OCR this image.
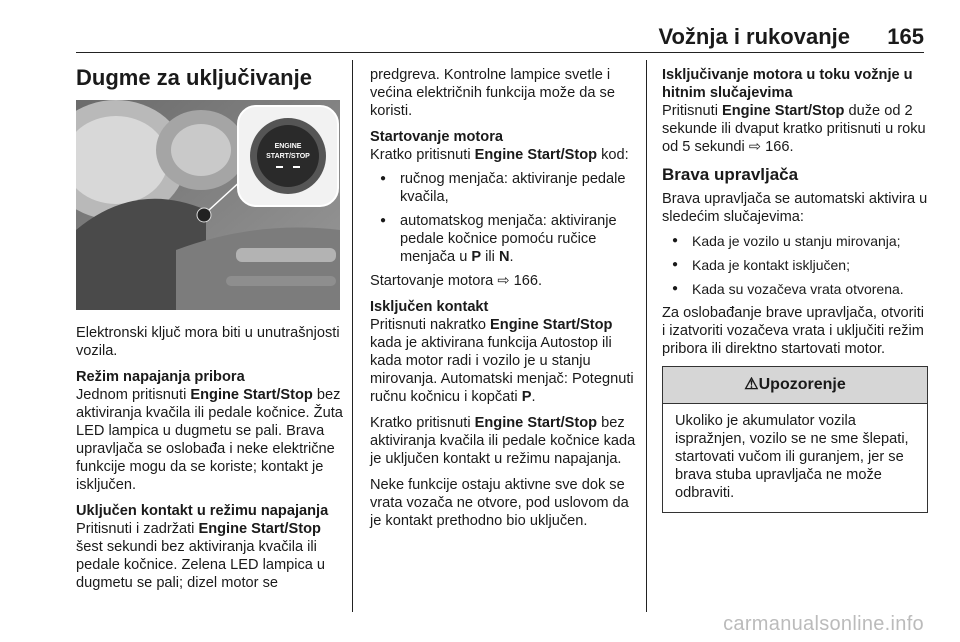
Vožnja i rukovanje 165
Dugme za uključivanje
ENGINE
START/STOP

Elektronski ključ mora biti u unutrašnjosti vozila.

Režim napajanja pribora

Jednom pritisnuti Engine Start/Stop bez aktiviranja kvačila ili pedale kočnice. Žuta LED lampica u dugmetu se pali. Brava upravljača se oslobađa i neke električne funkcije mogu da se koriste; kontakt je isključen.

Uključen kontakt u režimu napajanja

Pritisnuti i zadržati Engine Start/Stop šest sekundi bez aktiviranja kvačila ili pedale kočnice. Zelena LED lampica u dugmetu se pali; dizel motor se

predgreva. Kontrolne lampice svetle i većina električnih funkcija može da se koristi.

Startovanje motora

Kratko pritisnuti Engine Start/Stop kod:

● ručnog menjača: aktiviranje pedale kvačila,
● automatskog menjača: aktiviranje pedale kočnice pomoću ručice menjača u P ili N.

Startovanje motora ⇨ 166.

Isključen kontakt

Pritisnuti nakratko Engine Start/Stop kada je aktivirana funkcija Autostop ili kada motor radi i vozilo je u stanju mirovanja. Automatski menjač: Potegnuti ručnu kočnicu i kopčati P.

Kratko pritisnuti Engine Start/Stop bez aktiviranja kvačila ili pedale kočnice kada je uključen kontakt u režimu napajanja.

Neke funkcije ostaju aktivne sve dok se vrata vozača ne otvore, pod uslovom da je kontakt prethodno bio uključen.

Isključivanje motora u toku vožnje u hitnim slučajevima

Pritisnuti Engine Start/Stop duže od 2 sekunde ili dvaput kratko pritisnuti u roku od 5 sekundi ⇨ 166.

Brava upravljača

Brava upravljača se automatski aktivira u sledećim slučajevima:

● Kada je vozilo u stanju mirovanja;
● Kada je kontakt isključen;
● Kada su vozačeva vrata otvorena.

Za oslobađanje brave upravljača, otvoriti i izatvoriti vozačeva vrata i uključiti režim pribora ili direktno startovati motor.

⚠Upozorenje
Ukoliko je akumulator vozila ispražnjen, vozilo se ne sme šlepati, startovati vučom ili guranjem, jer se brava stuba upravljača ne može odbraviti.
carmanualsonline.info
